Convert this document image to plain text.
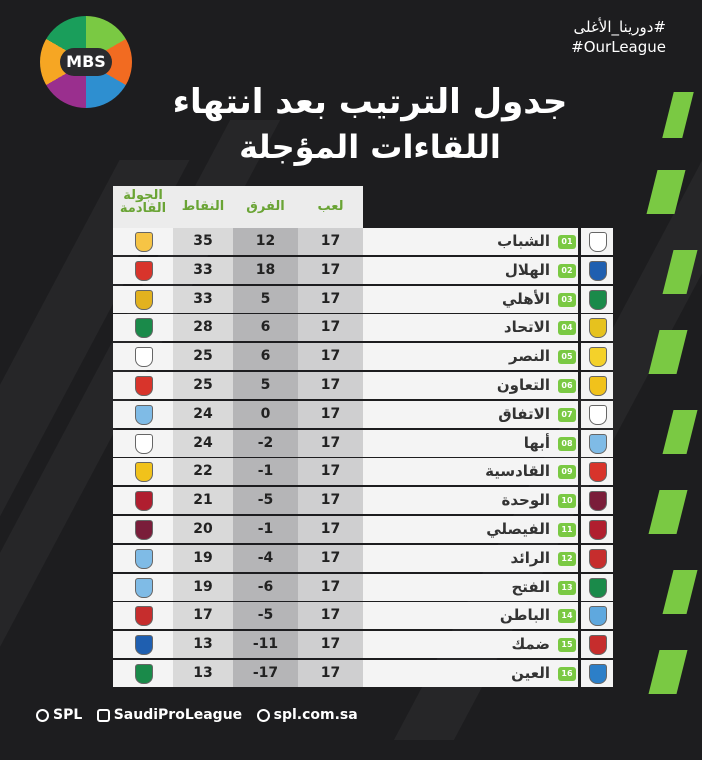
MBS
#دورينا_الأغلى
#OurLeague
جدول الترتيب بعد انتهاء
اللقاءات المؤجلة
الجولة القادمة	النقاط	الفرق	لعب
35	12	17	الشباب	01
33	18	17	الهلال	02
33	5	17	الأهلي	03
28	6	17	الاتحاد	04
25	6	17	النصر	05
25	5	17	التعاون	06
24	0	17	الاتفاق	07
24	-2	17	أبها	08
22	-1	17	القادسية	09
21	-5	17	الوحدة	10
20	-1	17	الفيصلي	11
19	-4	17	الرائد	12
19	-6	17	الفتح	13
17	-5	17	الباطن	14
13	-11	17	ضمك	15
13	-17	17	العين	16
SPL SaudiProLeague spl.com.sa
